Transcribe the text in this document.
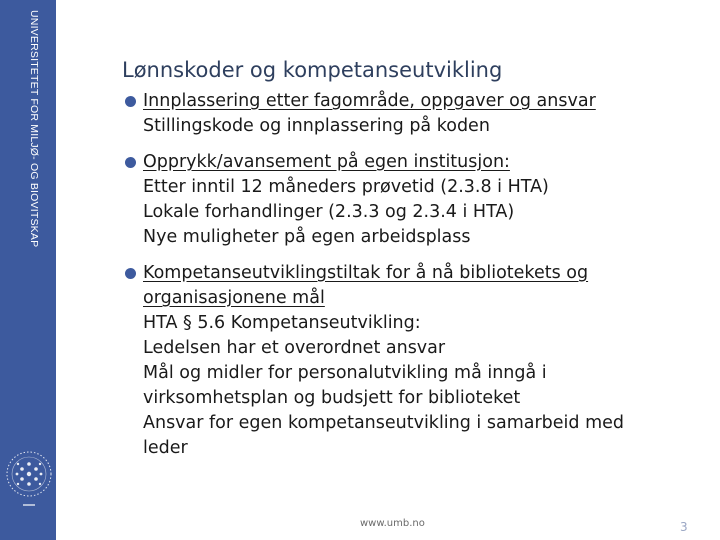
UNIVERSITETET FOR MILJØ- OG BIOVITSKAP	Lønnskoder og kompetanseutvikling
Innplassering etter fagområde, oppgaver og ansvar
Stillingskode og innplassering på koden
Opprykk/avansement på egen institusjon:
Etter inntil 12 måneders prøvetid (2.3.8 i HTA)
Lokale forhandlinger (2.3.3 og 2.3.4 i HTA)
Nye muligheter på egen arbeidsplass
Kompetanseutviklingstiltak for å nå bibliotekets og
organisasjonene mål
HTA § 5.6 Kompetanseutvikling:
Ledelsen har et overordnet ansvar
Mål og midler for personalutvikling må inngå i
virksomhetsplan og budsjett for biblioteket
Ansvar for egen kompetanseutvikling i samarbeid med
leder
www.umb.no	3
